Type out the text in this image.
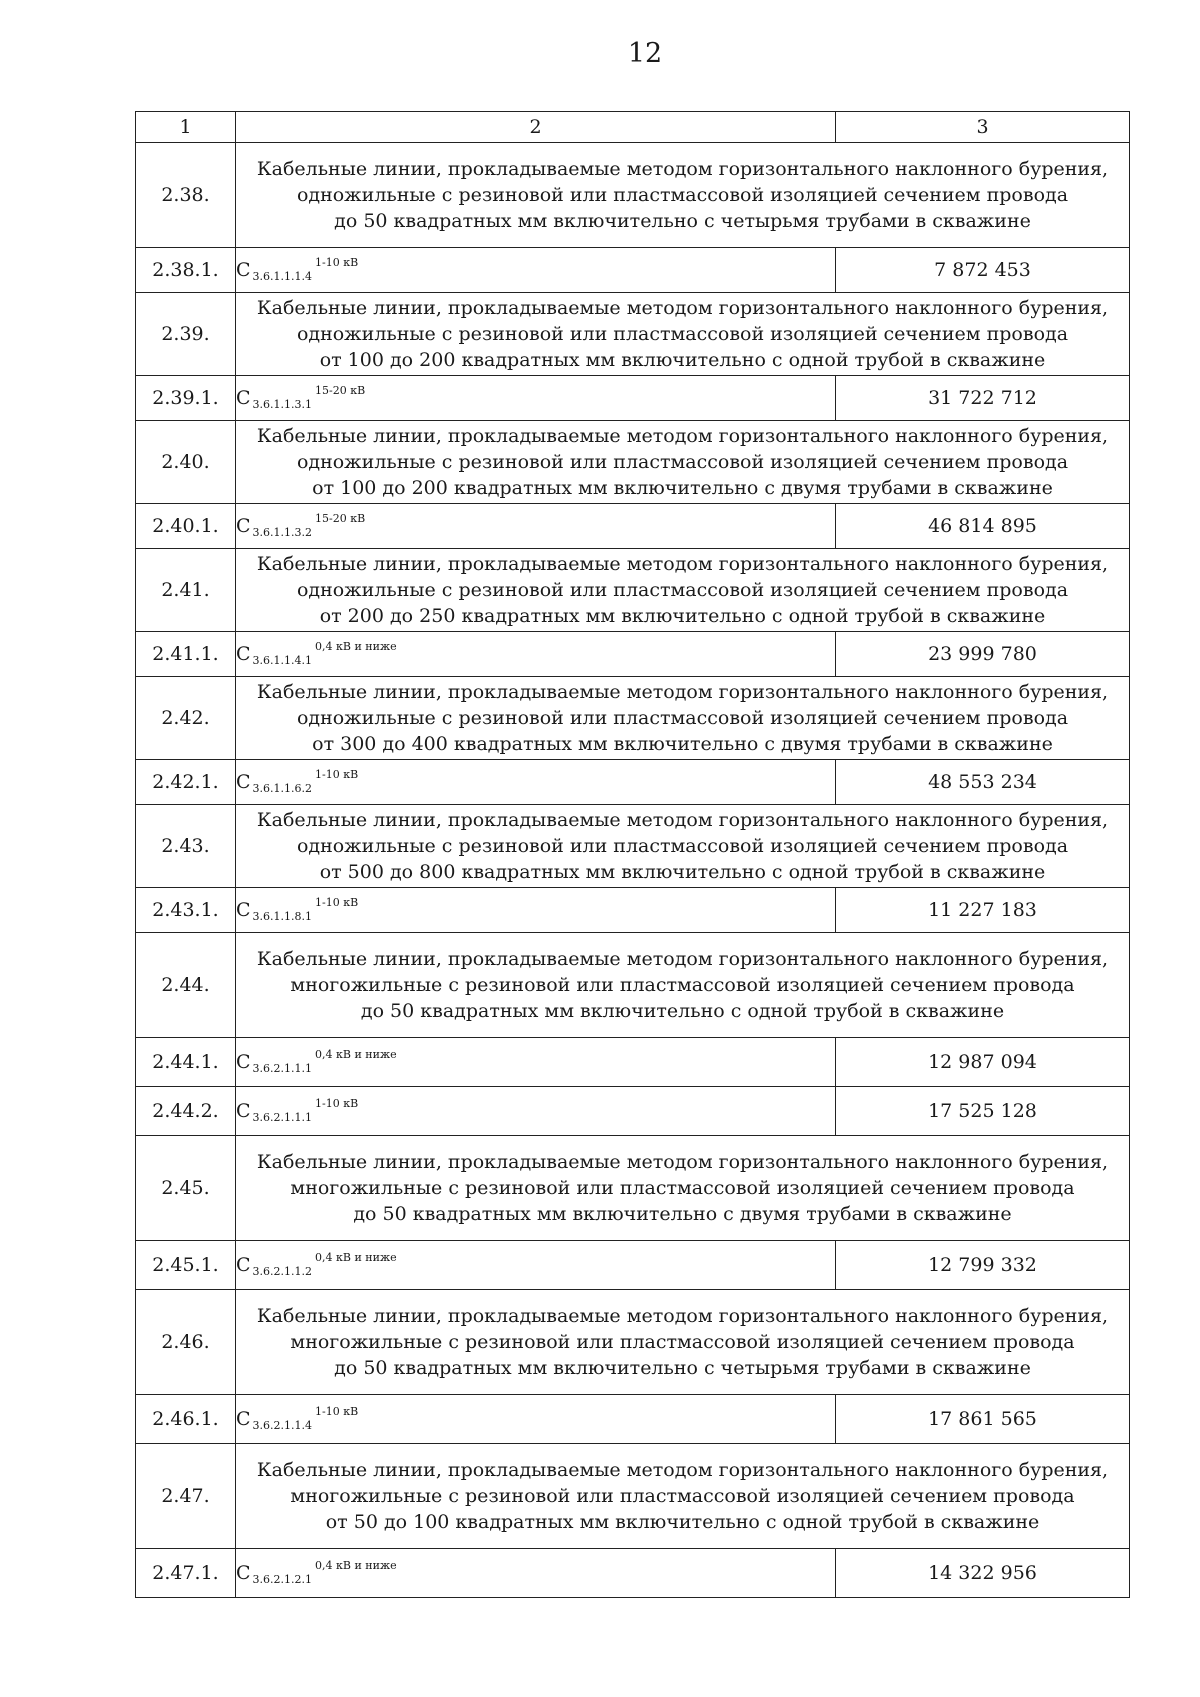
12
1	2	3
2.38.	Кабельные линии, прокладываемые методом горизонтального наклонного бурения,
одножильные с резиновой или пластмассовой изоляцией сечением провода
до 50 квадратных мм включительно с четырьмя трубами в скважине	

2.38.1.	C $_{3.6.1.1.1.4}^{1-10 кВ}$	7 872 453
2.39.	Кабельные линии, прокладываемые методом горизонтального наклонного бурения,
одножильные с резиновой или пластмассовой изоляцией сечением провода
от 100 до 200 квадратных мм включительно с одной трубой в скважине	

2.39.1.	C $_{3.6.1.1.3.1}^{15-20 кВ}$	31 722 712
2.40.	Кабельные линии, прокладываемые методом горизонтального наклонного бурения,
одножильные с резиновой или пластмассовой изоляцией сечением провода
от 100 до 200 квадратных мм включительно с двумя трубами в скважине	

2.40.1.	C $_{3.6.1.1.3.2}^{15-20 кВ}$	46 814 895
2.41.	Кабельные линии, прокладываемые методом горизонтального наклонного бурения,
одножильные с резиновой или пластмассовой изоляцией сечением провода
от 200 до 250 квадратных мм включительно с одной трубой в скважине	

2.41.1.	C $_{3.6.1.1.4.1}^{0,4 кВ и ниже}$	23 999 780
2.42.	Кабельные линии, прокладываемые методом горизонтального наклонного бурения,
одножильные с резиновой или пластмассовой изоляцией сечением провода
от 300 до 400 квадратных мм включительно с двумя трубами в скважине	

2.42.1.	C $_{3.6.1.1.6.2}^{1-10 кВ}$	48 553 234
2.43.	Кабельные линии, прокладываемые методом горизонтального наклонного бурения,
одножильные с резиновой или пластмассовой изоляцией сечением провода
от 500 до 800 квадратных мм включительно с одной трубой в скважине	

2.43.1.	C $_{3.6.1.1.8.1}^{1-10 кВ}$	11 227 183
2.44.	Кабельные линии, прокладываемые методом горизонтального наклонного бурения,
многожильные с резиновой или пластмассовой изоляцией сечением провода
до 50 квадратных мм включительно с одной трубой в скважине	

2.44.1.	C $_{3.6.2.1.1.1}^{0,4 кВ и ниже}$	12 987 094
2.44.2.	C $_{3.6.2.1.1.1}^{1-10 кВ}$	17 525 128
2.45.	Кабельные линии, прокладываемые методом горизонтального наклонного бурения,
многожильные с резиновой или пластмассовой изоляцией сечением провода
до 50 квадратных мм включительно с двумя трубами в скважине	

2.45.1.	C $_{3.6.2.1.1.2}^{0,4 кВ и ниже}$	12 799 332
2.46.	Кабельные линии, прокладываемые методом горизонтального наклонного бурения,
многожильные с резиновой или пластмассовой изоляцией сечением провода
до 50 квадратных мм включительно с четырьмя трубами в скважине	

2.46.1.	C $_{3.6.2.1.1.4}^{1-10 кВ}$	17 861 565
2.47.	Кабельные линии, прокладываемые методом горизонтального наклонного бурения,
многожильные с резиновой или пластмассовой изоляцией сечением провода
от 50 до 100 квадратных мм включительно с одной трубой в скважине	

2.47.1.	C $_{3.6.2.1.2.1}^{0,4 кВ и ниже}$	14 322 956
